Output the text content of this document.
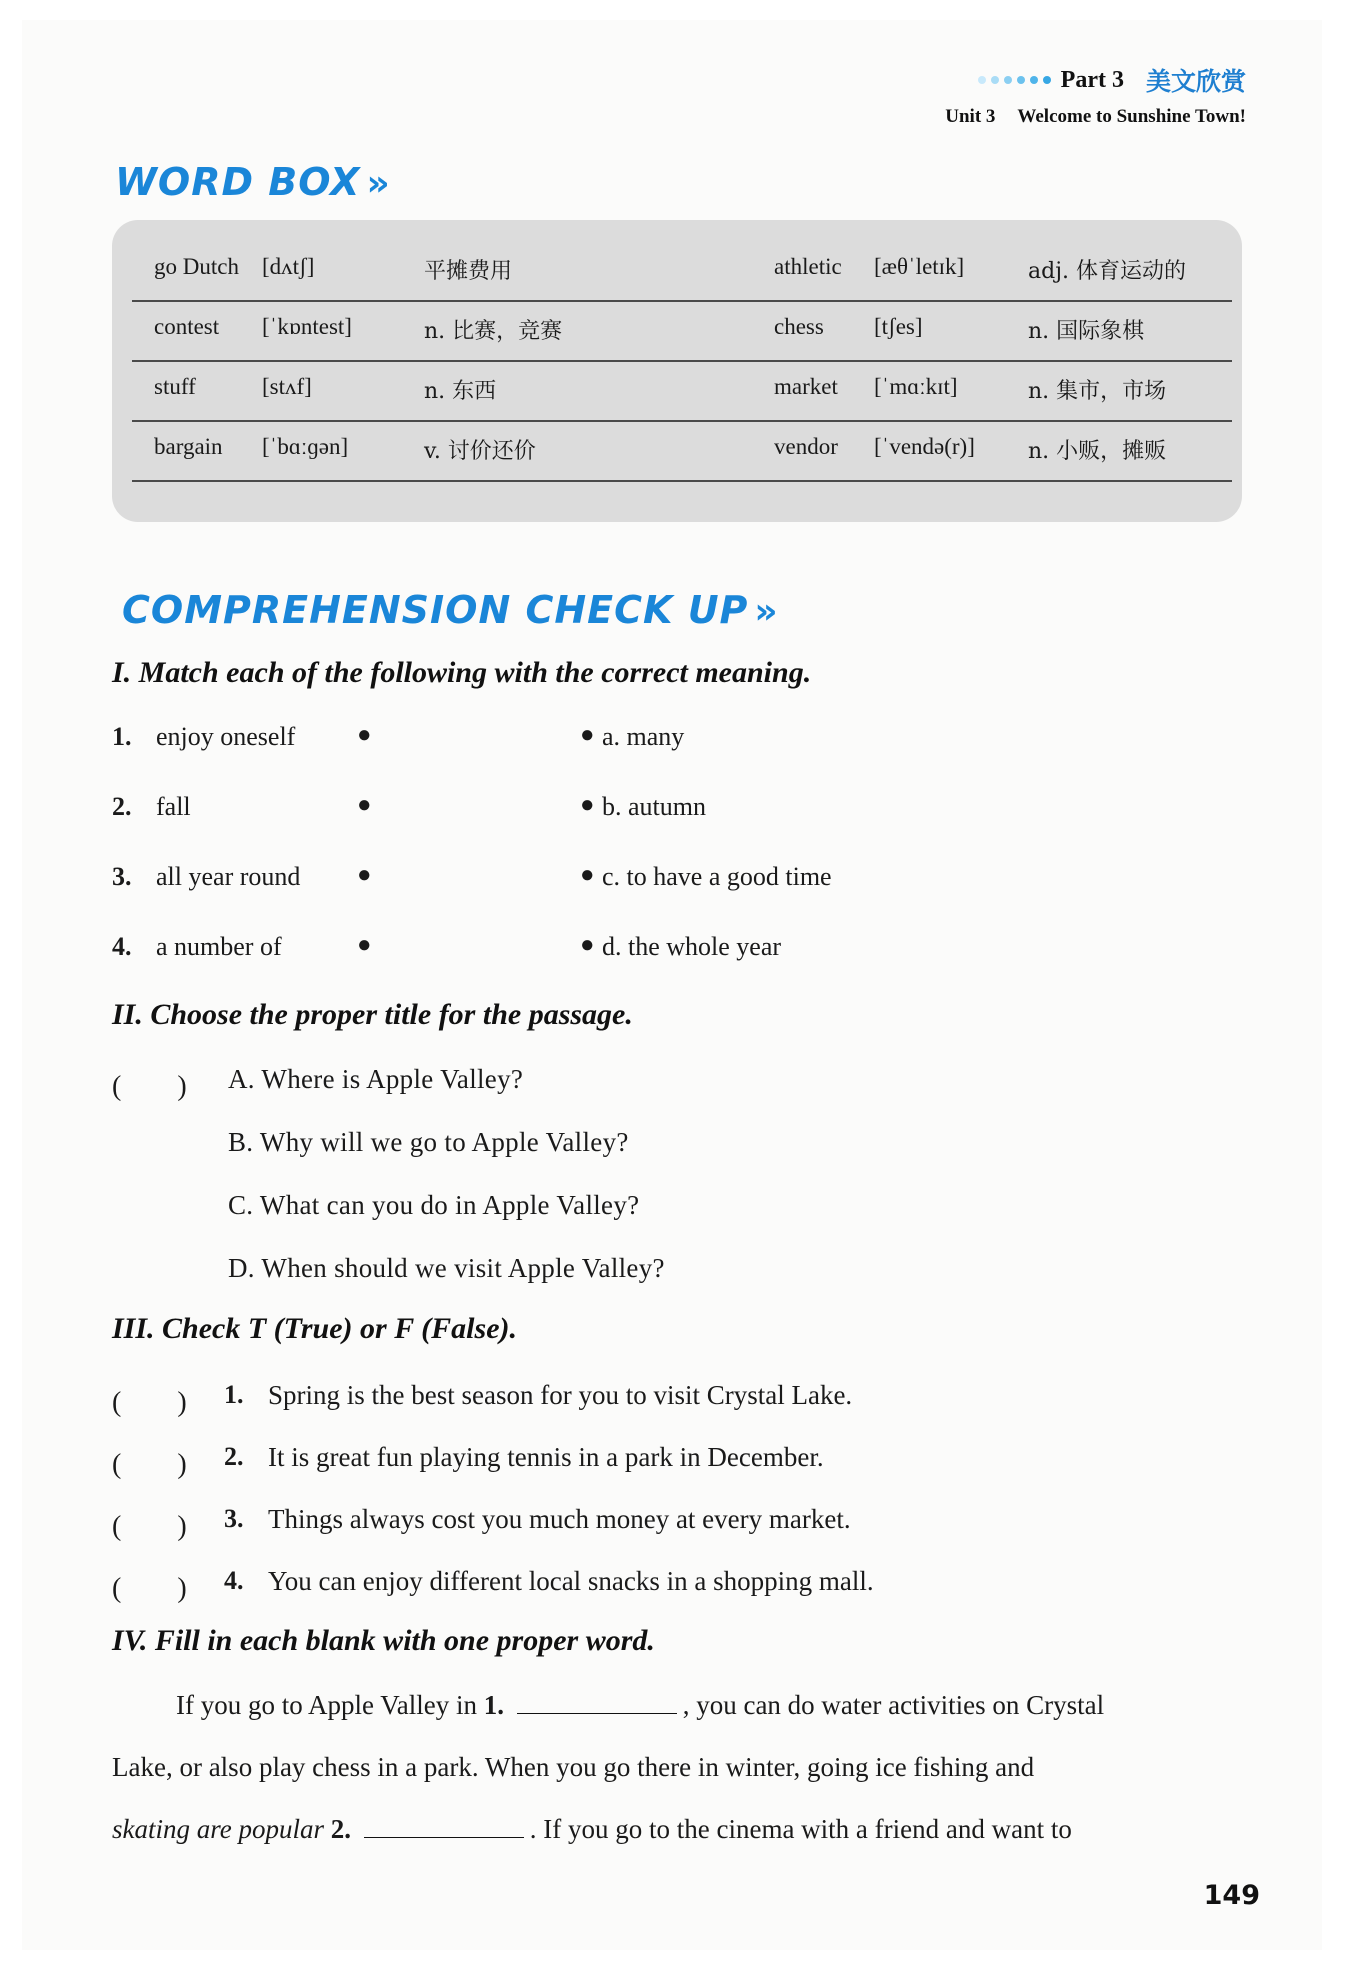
Part 3 美文欣赏
Unit 3 Welcome to Sunshine Town!
WORD BOX »
go Dutch [dʌtʃ]	平摊费用	athletic [æθˈletɪk]	adj. 体育运动的
contest [ˈkɒntest]	n. 比赛，竞赛	chess [tʃes]	n. 国际象棋
stuff	[stʌf]	n. 东西	market [ˈmɑːkɪt]	n. 集市，市场
bargain [ˈbɑːɡən]	v. 讨价还价	vendor [ˈvendə(r)] n. 小贩，摊贩
COMPREHENSION CHECK UP »
I. Match each of the following with the correct meaning.
1. enjoy oneself	●	● a. many
2. fall	●	● b. autumn
3. all year round ●	● c. to have a good time
4. a number of	●	● d. the whole year
II. Choose the proper title for the passage.
(　　) A. Where is Apple Valley?
B. Why will we go to Apple Valley?
C. What can you do in Apple Valley?
D. When should we visit Apple Valley?
III. Check T (True) or F (False).
(　　) 1. Spring is the best season for you to visit Crystal Lake.
(　　) 2. It is great fun playing tennis in a park in December.
(　　) 3. Things always cost you much money at every market.
(　　) 4. You can enjoy different local snacks in a shopping mall.
IV. Fill in each blank with one proper word.
If you go to Apple Valley in 1.	, you can do water activities on Crystal
Lake, or also play chess in a park. When you go there in winter, going ice fishing and
skating are popular 2.	. If you go to the cinema with a friend and want to
149
